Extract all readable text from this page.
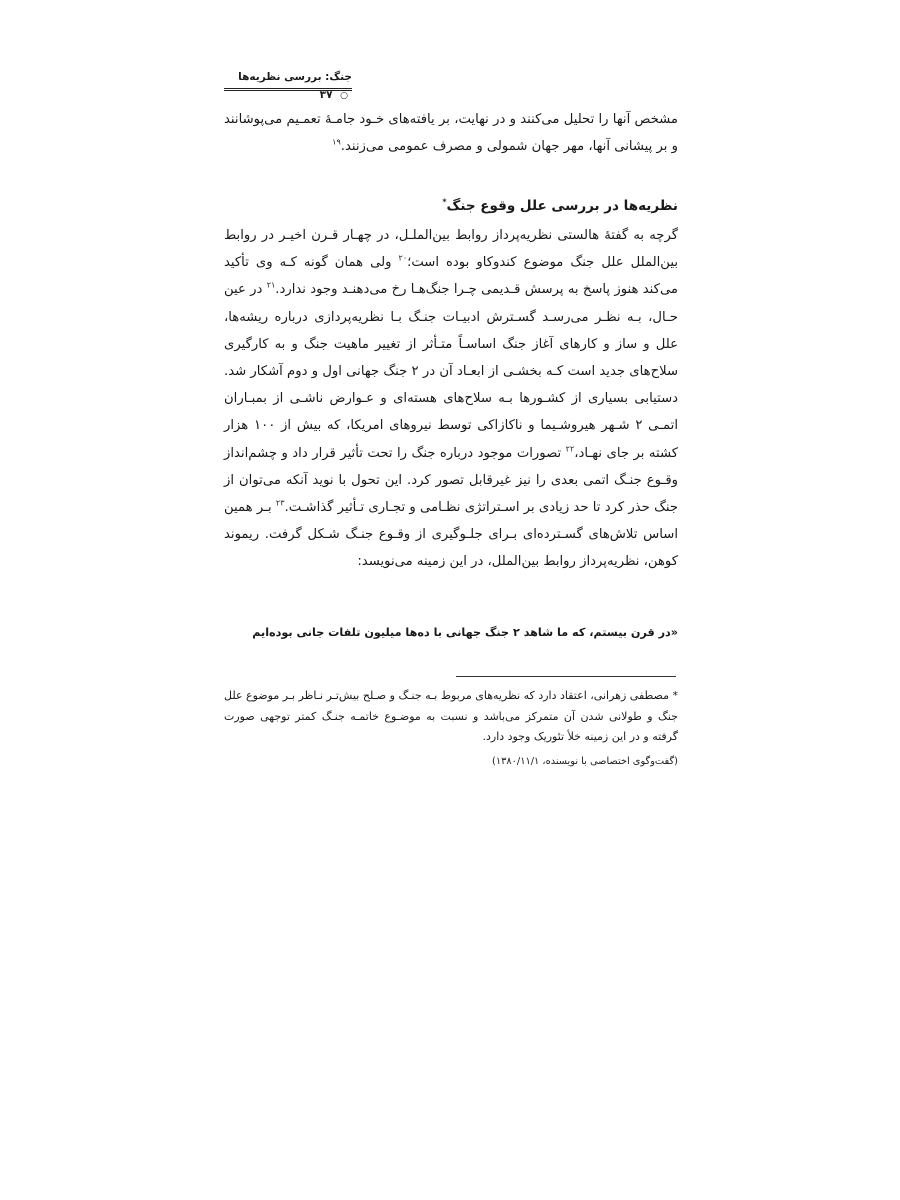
جنگ: بررسی نظریه‌ها ○ ۳۷
مشخص آنها را تحلیل می‌کنند و در نهایت، بر یافته‌های خـود جامـهٔ تعمـیم می‌پوشانند و بر پیشانی آنها، مهر جهان شمولی و مصرف عمومی می‌زنند.$^{۱۹}$
نظریه‌ها در بررسی علل وقوع جنگ*
گرچه به گفتهٔ هالستی نظریه‌پرداز روابط بین‌الملـل، در چهـار قـرن اخیـر در روابط بین‌الملل علل جنگ موضوع کندوکاو بوده است؛$^{۲۰}$ ولی همان گونه کـه وی تأکید می‌کند هنوز پاسخ به پرسش قـدیمی چـرا جنگ‌هـا رخ می‌دهنـد وجود ندارد.$^{۲۱}$ در عین حـال، بـه نظـر می‌رسـد گسـترش ادبیـات جنـگ بـا نظریه‌پردازی درباره ریشه‌ها، علل و ساز و کارهای آغاز جنگ اساسـاً متـأثر از تغییر ماهیت جنگ و به کارگیری سلاح‌های جدید است کـه بخشـی از ابعـاد آن در ۲ جنگ جهانی اول و دوم آشکار شد. دستیابی بسیاری از کشـورها بـه سلاح‌های هسته‌ای و عـوارض ناشـی از بمبـاران اتمـی ۲ شـهر هیروشـیما و ناکازاکی توسط نیروهای امریکا، که بیش از ۱۰۰ هزار کشته بر جای نهـاد،$^{۲۲}$ تصورات موجود درباره جنگ را تحت تأثیر قرار داد و چشم‌انداز وقـوع جنـگ اتمی بعدی را نیز غیرقابل تصور کرد. این تحول با نوید آنکه می‌توان از جنگ حذر کرد تا حد زیادی بر اسـتراتژی نظـامی و تجـاری تـأثیر گذاشـت.$^{۲۳}$ بـر همین اساس تلاش‌های گسـترده‌ای بـرای جلـوگیری از وقـوع جنـگ شـکل گرفت. ریموند کوهن، نظریه‌پرداز روابط بین‌الملل، در این زمینه می‌نویسد:
«در قرن بیستم، که ما شاهد ۲ جنگ جهانی با ده‌ها میلیون تلفات جانی بوده‌ایم
* مصطفی زهرانی، اعتقاد دارد که نظریه‌های مربوط بـه جنـگ و صـلح بیش‌تـر نـاظر بـر موضوع علل جنگ و طولانی شدن آن متمرکز می‌باشد و نسبت به موضـوع خاتمـه جنـگ کمتر توجهی صورت گرفته و در این زمینه خلأ تئوریک وجود دارد.
(گفت‌وگوی اختصاصی با نویسنده، ۱۳۸۰/۱۱/۱)
